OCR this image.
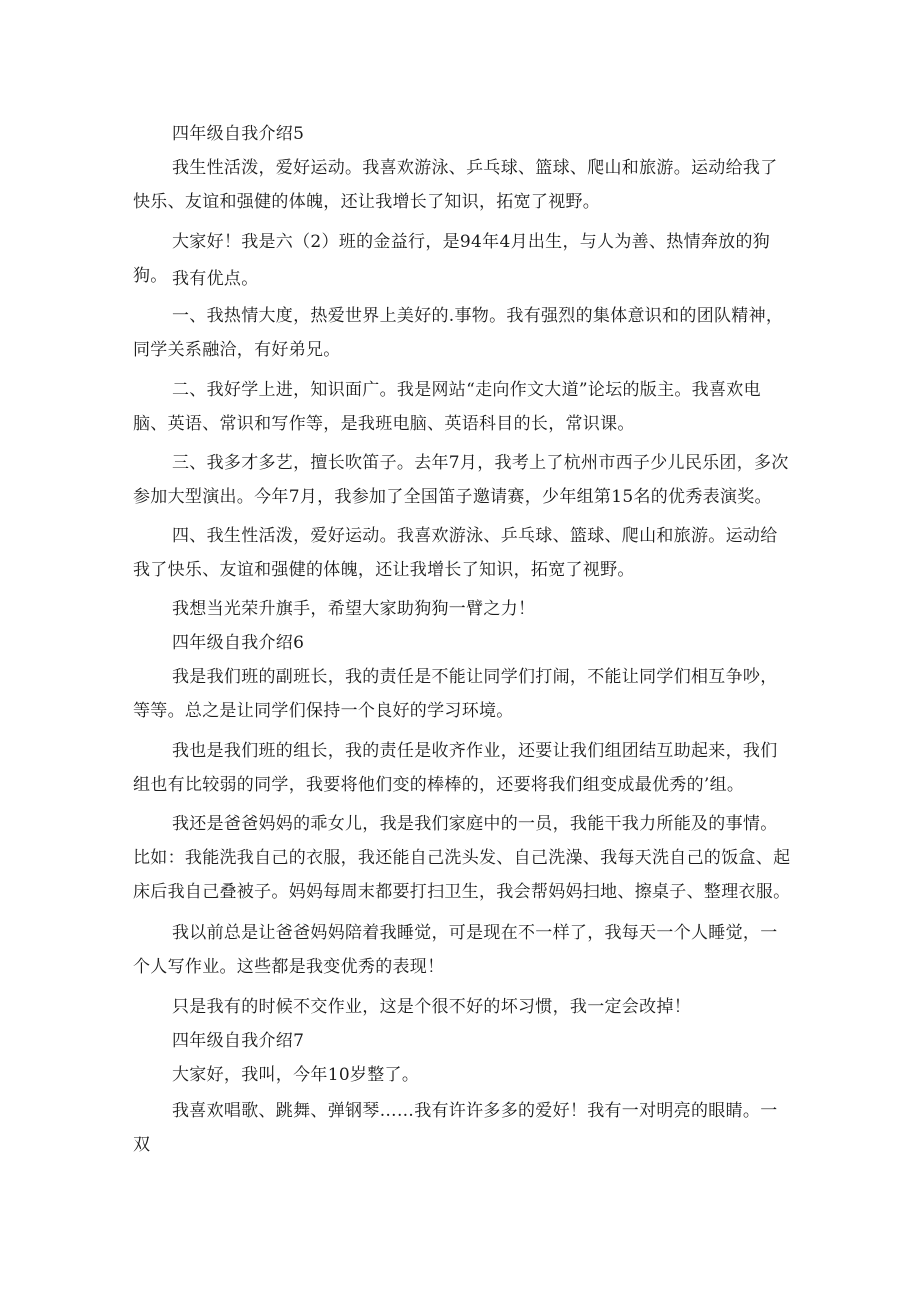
四年级自我介绍5

我生性活泼，爱好运动。我喜欢游泳、乒乓球、篮球、爬山和旅游。运动给我了快乐、友谊和强健的体魄，还让我增长了知识，拓宽了视野。

大家好！我是六（2）班的金益行，是94年4月出生，与人为善、热情奔放的狗狗。 我有优点。

一、我热情大度，热爱世界上美好的.事物。我有强烈的集体意识和的团队精神，同学关系融洽，有好弟兄。

二、我好学上进，知识面广。我是网站“走向作文大道”论坛的版主。我喜欢电脑、英语、常识和写作等，是我班电脑、英语科目的长，常识课。

三、我多才多艺，擅长吹笛子。去年7月，我考上了杭州市西子少儿民乐团，多次参加大型演出。今年7月，我参加了全国笛子邀请赛，少年组第15名的优秀表演奖。

四、我生性活泼，爱好运动。我喜欢游泳、乒乓球、篮球、爬山和旅游。运动给我了快乐、友谊和强健的体魄，还让我增长了知识，拓宽了视野。

我想当光荣升旗手，希望大家助狗狗一臂之力！

四年级自我介绍6

我是我们班的副班长，我的责任是不能让同学们打闹，不能让同学们相互争吵，等等。总之是让同学们保持一个良好的学习环境。

我也是我们班的组长，我的责任是收齐作业，还要让我们组团结互助起来，我们组也有比较弱的同学，我要将他们变的棒棒的，还要将我们组变成最优秀的’组。

我还是爸爸妈妈的乖女儿，我是我们家庭中的一员，我能干我力所能及的事情。比如：我能洗我自己的衣服，我还能自己洗头发、自己洗澡、我每天洗自己的饭盒、起床后我自己叠被子。妈妈每周末都要打扫卫生，我会帮妈妈扫地、擦桌子、整理衣服。

我以前总是让爸爸妈妈陪着我睡觉，可是现在不一样了，我每天一个人睡觉，一个人写作业。这些都是我变优秀的表现！

只是我有的时候不交作业，这是个很不好的坏习惯，我一定会改掉！

四年级自我介绍7

大家好，我叫，今年10岁整了。

我喜欢唱歌、跳舞、弹钢琴……我有许许多多的爱好！我有一对明亮的眼睛。一双
